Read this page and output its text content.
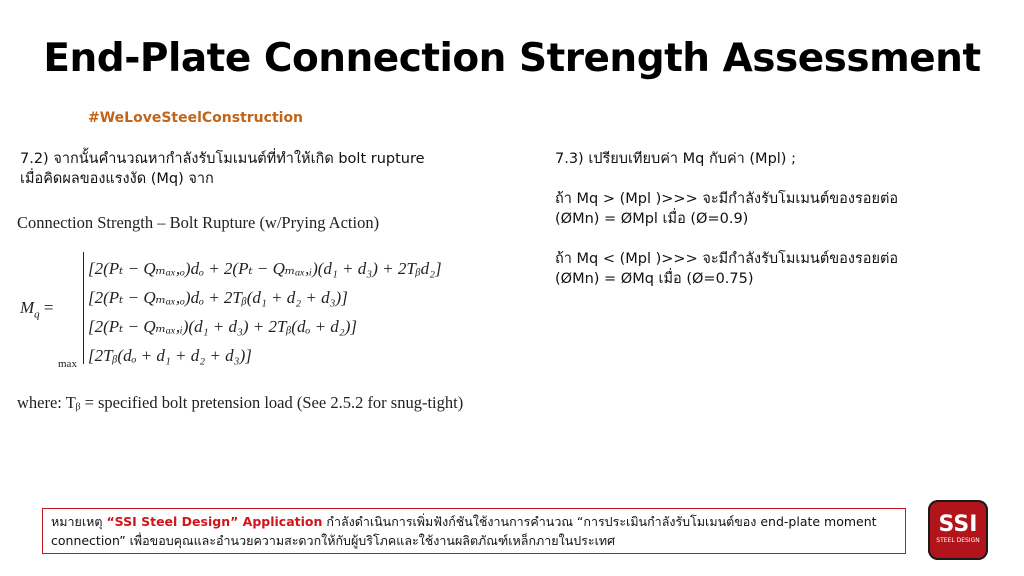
End-Plate Connection Strength Assessment
#WeLoveSteelConstruction
7.2) จากนั้นคำนวณหากำลังรับโมเมนต์ที่ทำให้เกิด bolt rupture
เมื่อคิดผลของแรงงัด (Mq) จาก
Connection Strength – Bolt Rupture (w/Prying Action)
$M_q$ =
max
[2(Pₜ − Qₘₐₓ,ₒ)dₒ + 2(Pₜ − Qₘₐₓ,ᵢ)(d₁ + d₃) + 2Tᵦd₂]
[2(Pₜ − Qₘₐₓ,ₒ)dₒ + 2Tᵦ(d₁ + d₂ + d₃)]
[2(Pₜ − Qₘₐₓ,ᵢ)(d₁ + d₃) + 2Tᵦ(dₒ + d₂)]
[2Tᵦ(dₒ + d₁ + d₂ + d₃)]
where: Tᵦ = specified bolt pretension load (See 2.5.2 for snug-tight)

7.3) เปรียบเทียบค่า Mq กับค่า (Mpl) ;

ถ้า Mq > (Mpl )>>> จะมีกำลังรับโมเมนต์ของรอยต่อ
(ØMn) = ØMpl เมื่อ (Ø=0.9)

ถ้า Mq < (Mpl )>>> จะมีกำลังรับโมเมนต์ของรอยต่อ
(ØMn) = ØMq เมื่อ (Ø=0.75)

หมายเหตุ “SSI Steel Design” Application กำลังดำเนินการเพิ่มฟังก์ชันใช้งานการคำนวณ “การประเมินกำลังรับโมเมนต์ของ end-plate moment connection” เพื่อขอบคุณและอำนวยความสะดวกให้กับผู้บริโภคและใช้งานผลิตภัณฑ์เหล็กภายในประเทศ
SSI
STEEL DESIGN
